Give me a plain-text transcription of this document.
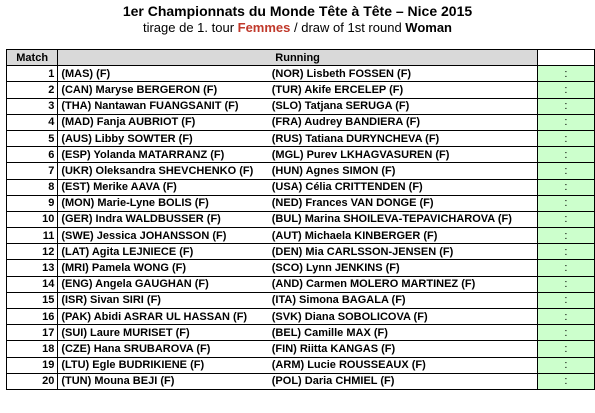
1er Championnats du Monde Tête à Tête – Nice 2015
tirage de 1. tour Femmes / draw of 1st round Woman
Match	Running		
1	(MAS) (F)	(NOR) Lisbeth FOSSEN (F)	:
2	(CAN) Maryse BERGERON (F)	(TUR) Akife ERCELEP (F)	:
3	(THA) Nantawan FUANGSANIT (F)	(SLO) Tatjana SERUGA (F)	:
4	(MAD) Fanja AUBRIOT (F)	(FRA) Audrey BANDIERA (F)	:
5	(AUS) Libby SOWTER (F)	(RUS) Tatiana DURYNCHEVA (F)	:
6	(ESP) Yolanda MATARRANZ (F)	(MGL) Purev LKHAGVASUREN (F)	:
7	(UKR) Oleksandra SHEVCHENKO (F)	(HUN) Agnes SIMON (F)	:
8	(EST) Merike AAVA (F)	(USA) Célia CRITTENDEN (F)	:
9	(MON) Marie-Lyne BOLIS (F)	(NED) Frances VAN DONGE (F)	:
10	(GER) Indra WALDBUSSER (F)	(BUL) Marina SHOILEVA-TEPAVICHAROVA (F)	:
11	(SWE) Jessica JOHANSSON (F)	(AUT) Michaela KINBERGER (F)	:
12	(LAT) Agita LEJNIECE (F)	(DEN) Mia CARLSSON-JENSEN (F)	:
13	(MRI) Pamela WONG (F)	(SCO) Lynn JENKINS (F)	:
14	(ENG) Angela GAUGHAN (F)	(AND) Carmen MOLERO MARTINEZ (F)	:
15	(ISR) Sivan SIRI (F)	(ITA) Simona BAGALA (F)	:
16	(PAK) Abidi ASRAR UL HASSAN (F)	(SVK) Diana SOBOLICOVA (F)	:
17	(SUI) Laure MURISET (F)	(BEL) Camille MAX (F)	:
18	(CZE) Hana SRUBAROVA (F)	(FIN) Riitta KANGAS (F)	:
19	(LTU) Egle BUDRIKIENE (F)	(ARM) Lucie ROUSSEAUX (F)	:
20	(TUN) Mouna BEJI (F)	(POL) Daria CHMIEL (F)	:
